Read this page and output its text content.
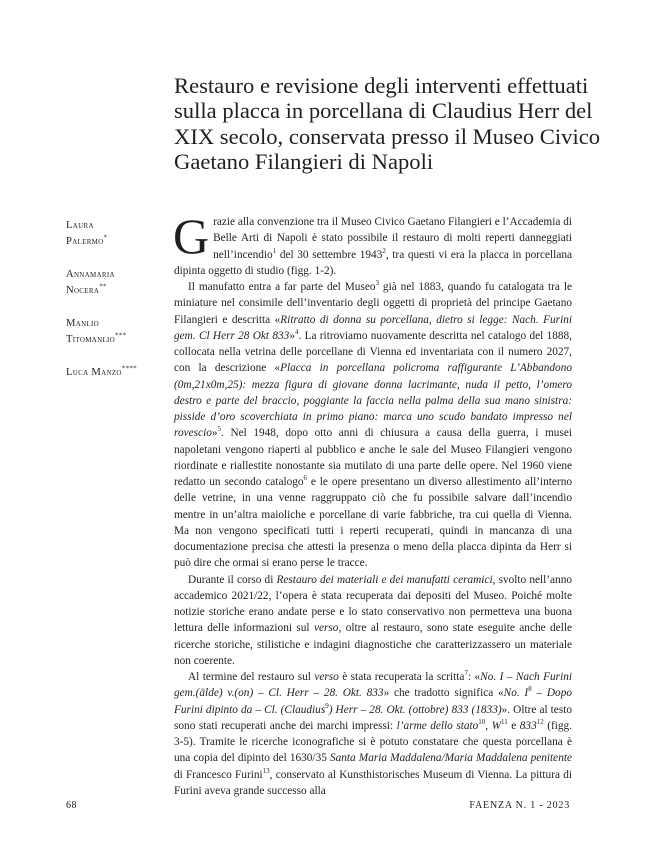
Restauro e revisione degli interventi effettuati sulla placca in porcellana di Claudius Herr del XIX secolo, conservata presso il Museo Civico Gaetano Filangieri di Napoli
Laura
Palermo*
Annamaria
Nocera**
Manlio
Titomanlio***
Luca Manzo****

Grazie alla convenzione tra il Museo Civico Gaetano Filangieri e l’Accademia di Belle Arti di Napoli è stato possibile il restauro di molti reperti danneggiati nell’incendio$^1$ del 30 settembre 1943$^2$, tra questi vi era la placca in porcellana dipinta oggetto di studio (figg. 1-2).

Il manufatto entra a far parte del Museo$^3$ già nel 1883, quando fu catalogata tra le miniature nel consimile dell’inventario degli oggetti di proprietà del principe Gaetano Filangieri e descritta «Ritratto di donna su porcellana, dietro si legge: Nach. Furini gem. Cl Herr 28 Okt 833»$^4$. La ritroviamo nuovamente descritta nel catalogo del 1888, collocata nella vetrina delle porcellane di Vienna ed inventariata con il numero 2027, con la descrizione «Placca in porcellana policroma raffigurante L’Abbandono (0m,21x0m,25): mezza figura di giovane donna lacrimante, nuda il petto, l’omero destro e parte del braccio, poggiante la faccia nella palma della sua mano sinistra: pisside d’oro scoverchiata in primo piano: marca uno scudo bandato impresso nel rovescio»$^5$. Nel 1948, dopo otto anni di chiusura a causa della guerra, i musei napoletani vengono riaperti al pubblico e anche le sale del Museo Filangieri vengono riordinate e riallestite nonostante sia mutilato di una parte delle opere. Nel 1960 viene redatto un secondo catalogo$^6$ e le opere presentano un diverso allestimento all’interno delle vetrine, in una venne raggruppato ciò che fu possibile salvare dall’incendio mentre in un’altra maioliche e porcellane di varie fabbriche, tra cui quella di Vienna. Ma non vengono specificati tutti i reperti recuperati, quindi in mancanza di una documentazione precisa che attesti la presenza o meno della placca dipinta da Herr si può dire che ormai si erano perse le tracce.

Durante il corso di Restauro dei materiali e dei manufatti ceramici, svolto nell’anno accademico 2021/22, l’opera è stata recuperata dai depositi del Museo. Poiché molte notizie storiche erano andate perse e lo stato conservativo non permetteva una buona lettura delle informazioni sul verso, oltre al restauro, sono state eseguite anche delle ricerche storiche, stilistiche e indagini diagnostiche che caratterizzassero un materiale non coerente.

Al termine del restauro sul verso è stata recuperata la scritta$^7$: «No. I – Nach Furini gem.(älde) v.(on) – Cl. Herr – 28. Okt. 833» che tradotto significa «No. $I^8$ – Dopo Furini dipinto da – Cl. (Claudius$^9$) Herr – 28. Okt. (ottobre) 833 (1833)». Oltre al testo sono stati recuperati anche dei marchi impressi: l’arme dello stato$^{10}$, $W^{11}$ e $833^{12}$ (figg. 3-5). Tramite le ricerche iconografiche si è potuto constatare che questa porcellana è una copia del dipinto del 1630/35 Santa Maria Maddalena/Maria Maddalena penitente di Francesco Furini$^{13}$, conservato al Kunsthistorisches Museum di Vienna. La pittura di Furini aveva grande successo alla

68	FAENZA N. 1 - 2023
